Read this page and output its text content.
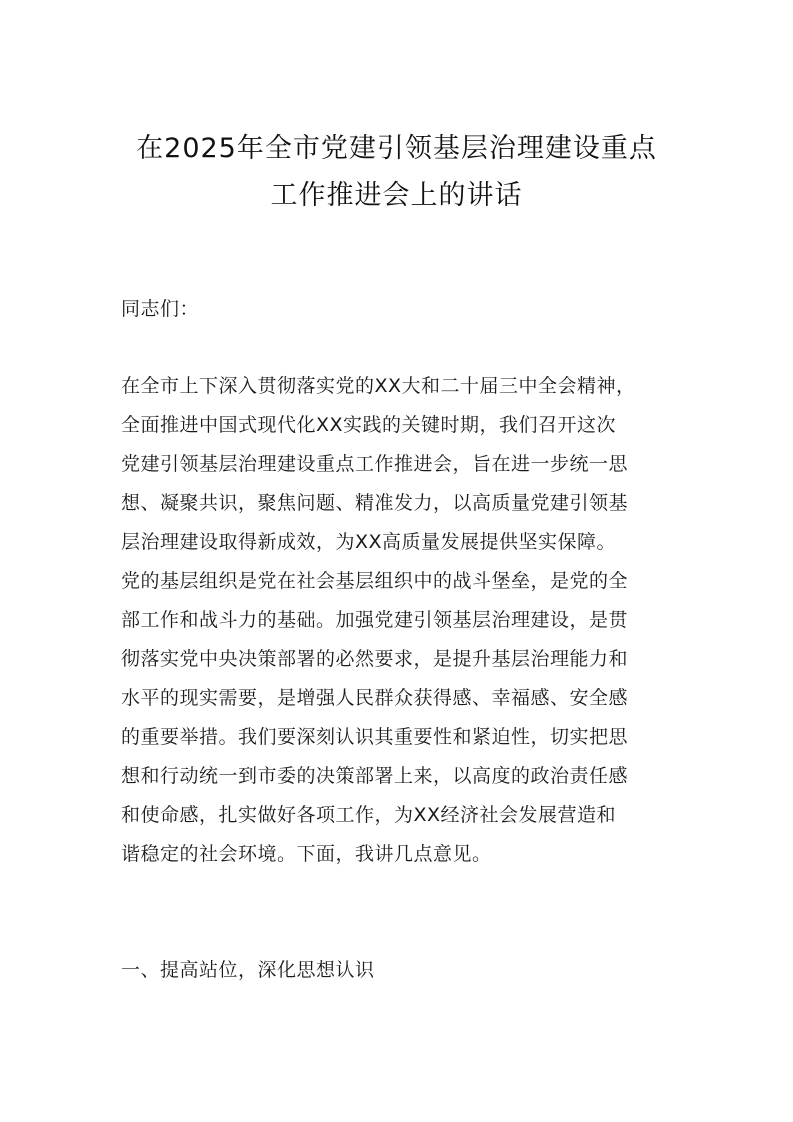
在2025年全市党建引领基层治理建设重点
工作推进会上的讲话
同志们：
在全市上下深入贯彻落实党的XX大和二十届三中全会精神，
全面推进中国式现代化XX实践的关键时期，我们召开这次
党建引领基层治理建设重点工作推进会，旨在进一步统一思
想、凝聚共识，聚焦问题、精准发力，以高质量党建引领基
层治理建设取得新成效，为XX高质量发展提供坚实保障。
党的基层组织是党在社会基层组织中的战斗堡垒，是党的全
部工作和战斗力的基础。加强党建引领基层治理建设，是贯
彻落实党中央决策部署的必然要求，是提升基层治理能力和
水平的现实需要，是增强人民群众获得感、幸福感、安全感
的重要举措。我们要深刻认识其重要性和紧迫性，切实把思
想和行动统一到市委的决策部署上来，以高度的政治责任感
和使命感，扎实做好各项工作，为XX经济社会发展营造和
谐稳定的社会环境。下面，我讲几点意见。
一、提高站位，深化思想认识
